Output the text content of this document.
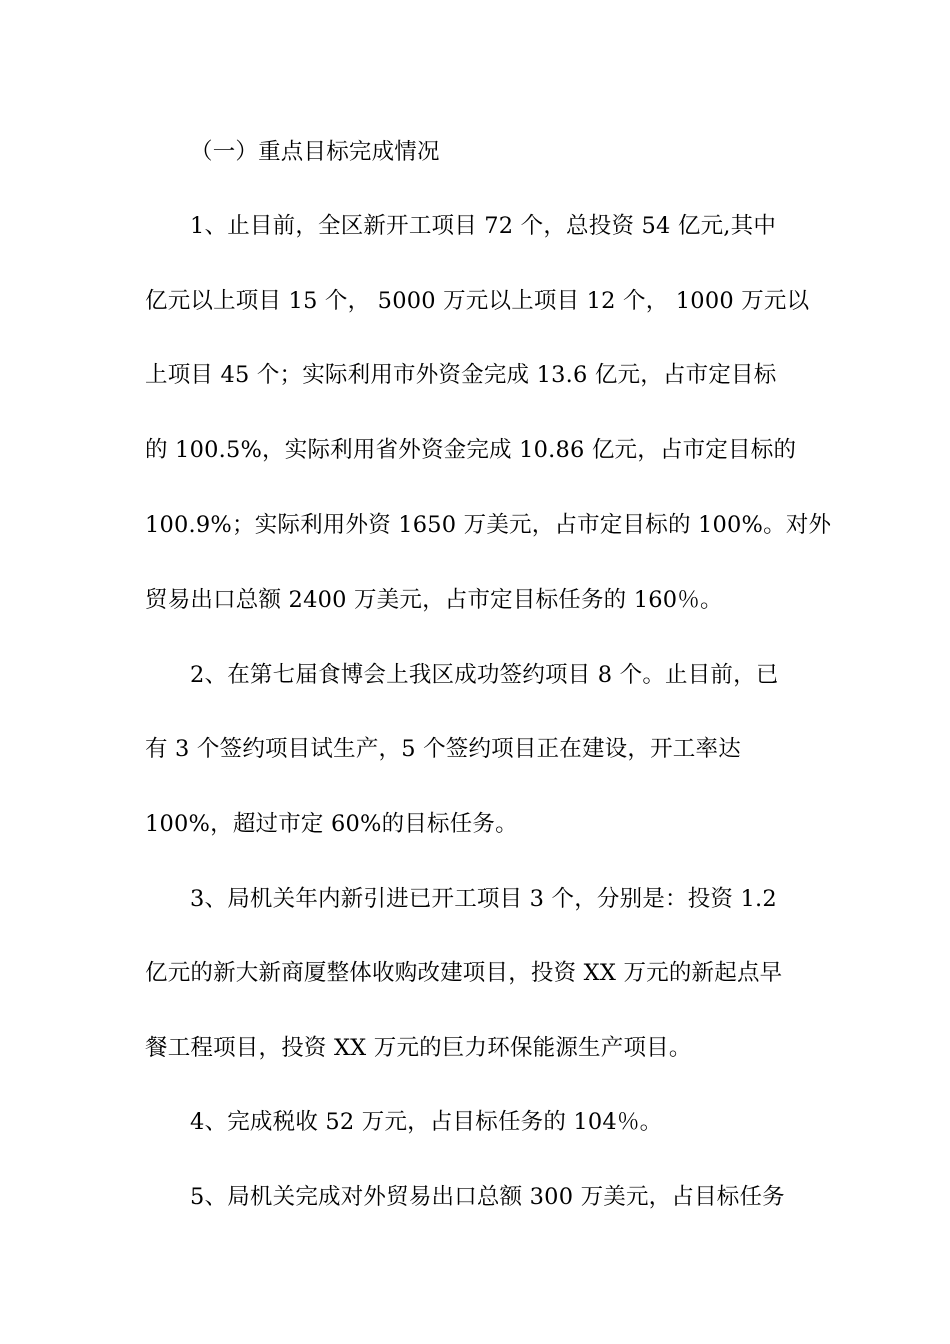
（一）重点目标完成情况
1、止目前，全区新开工项目 72 个，总投资 54 亿元,其中
亿元以上项目 15 个， 5000 万元以上项目 12 个， 1000 万元以
上项目 45 个；实际利用市外资金完成 13.6 亿元，占市定目标
的 100.5%，实际利用省外资金完成 10.86 亿元，占市定目标的
100.9%；实际利用外资 1650 万美元，占市定目标的 100%。对外
贸易出口总额 2400 万美元，占市定目标任务的 160％。
2、在第七届食博会上我区成功签约项目 8 个。止目前，已
有 3 个签约项目试生产，5 个签约项目正在建设，开工率达
100%，超过市定 60%的目标任务。
3、局机关年内新引进已开工项目 3 个，分别是：投资 1.2
亿元的新大新商厦整体收购改建项目，投资 XX 万元的新起点早
餐工程项目，投资 XX 万元的巨力环保能源生产项目。
4、完成税收 52 万元，占目标任务的 104％。
5、局机关完成对外贸易出口总额 300 万美元，占目标任务
